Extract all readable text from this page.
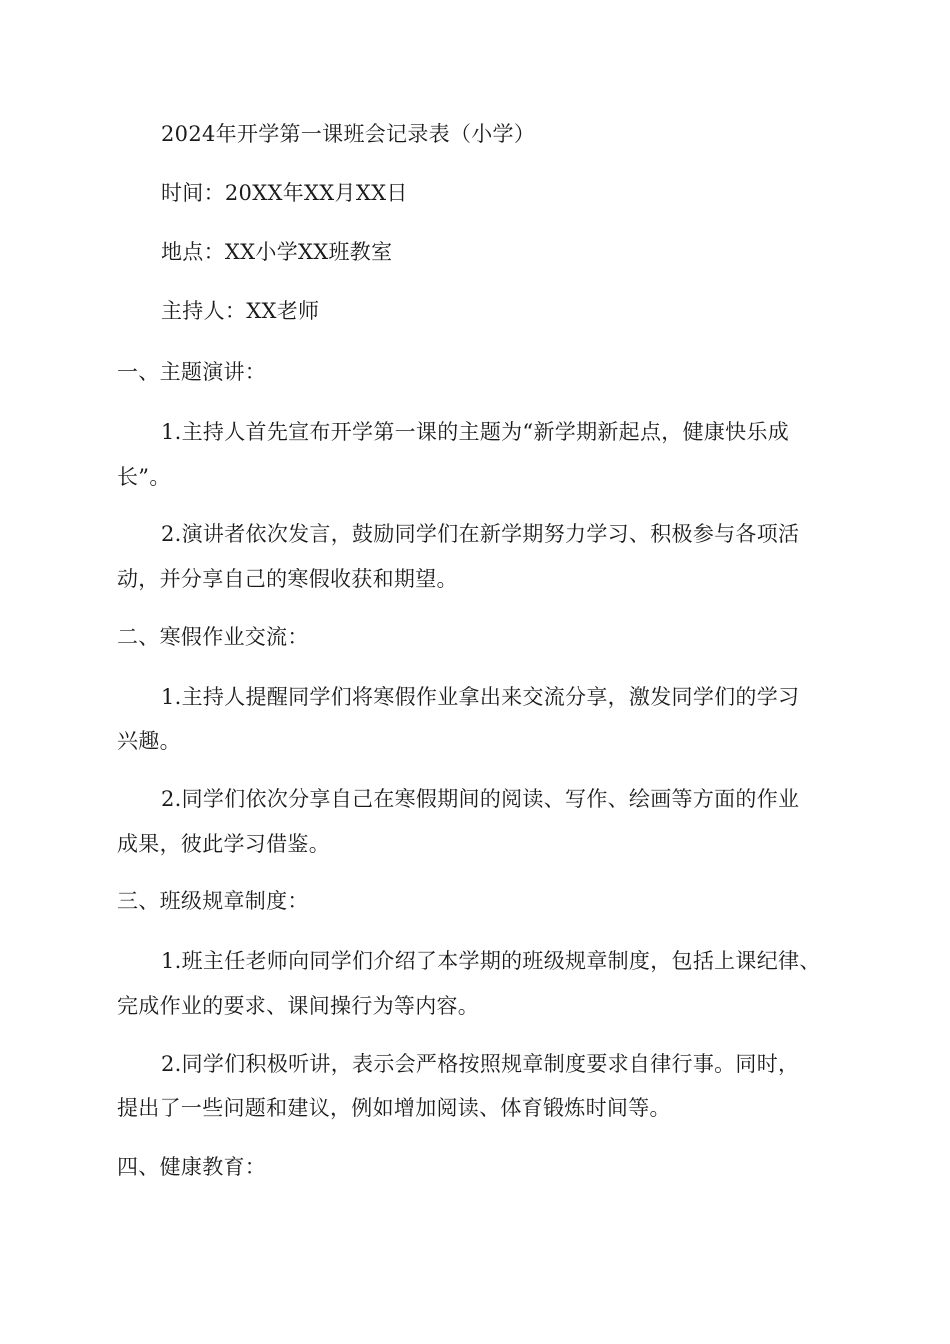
2024年开学第一课班会记录表（小学）
时间：20XX年XX月XX日
地点：XX小学XX班教室
主持人：XX老师
一、主题演讲：
1.主持人首先宣布开学第一课的主题为“新学期新起点，健康快乐成
长”。
2.演讲者依次发言，鼓励同学们在新学期努力学习、积极参与各项活
动，并分享自己的寒假收获和期望。
二、寒假作业交流：
1.主持人提醒同学们将寒假作业拿出来交流分享，激发同学们的学习
兴趣。
2.同学们依次分享自己在寒假期间的阅读、写作、绘画等方面的作业
成果，彼此学习借鉴。
三、班级规章制度：
1.班主任老师向同学们介绍了本学期的班级规章制度，包括上课纪律、
完成作业的要求、课间操行为等内容。
2.同学们积极听讲，表示会严格按照规章制度要求自律行事。同时，
提出了一些问题和建议，例如增加阅读、体育锻炼时间等。
四、健康教育：
